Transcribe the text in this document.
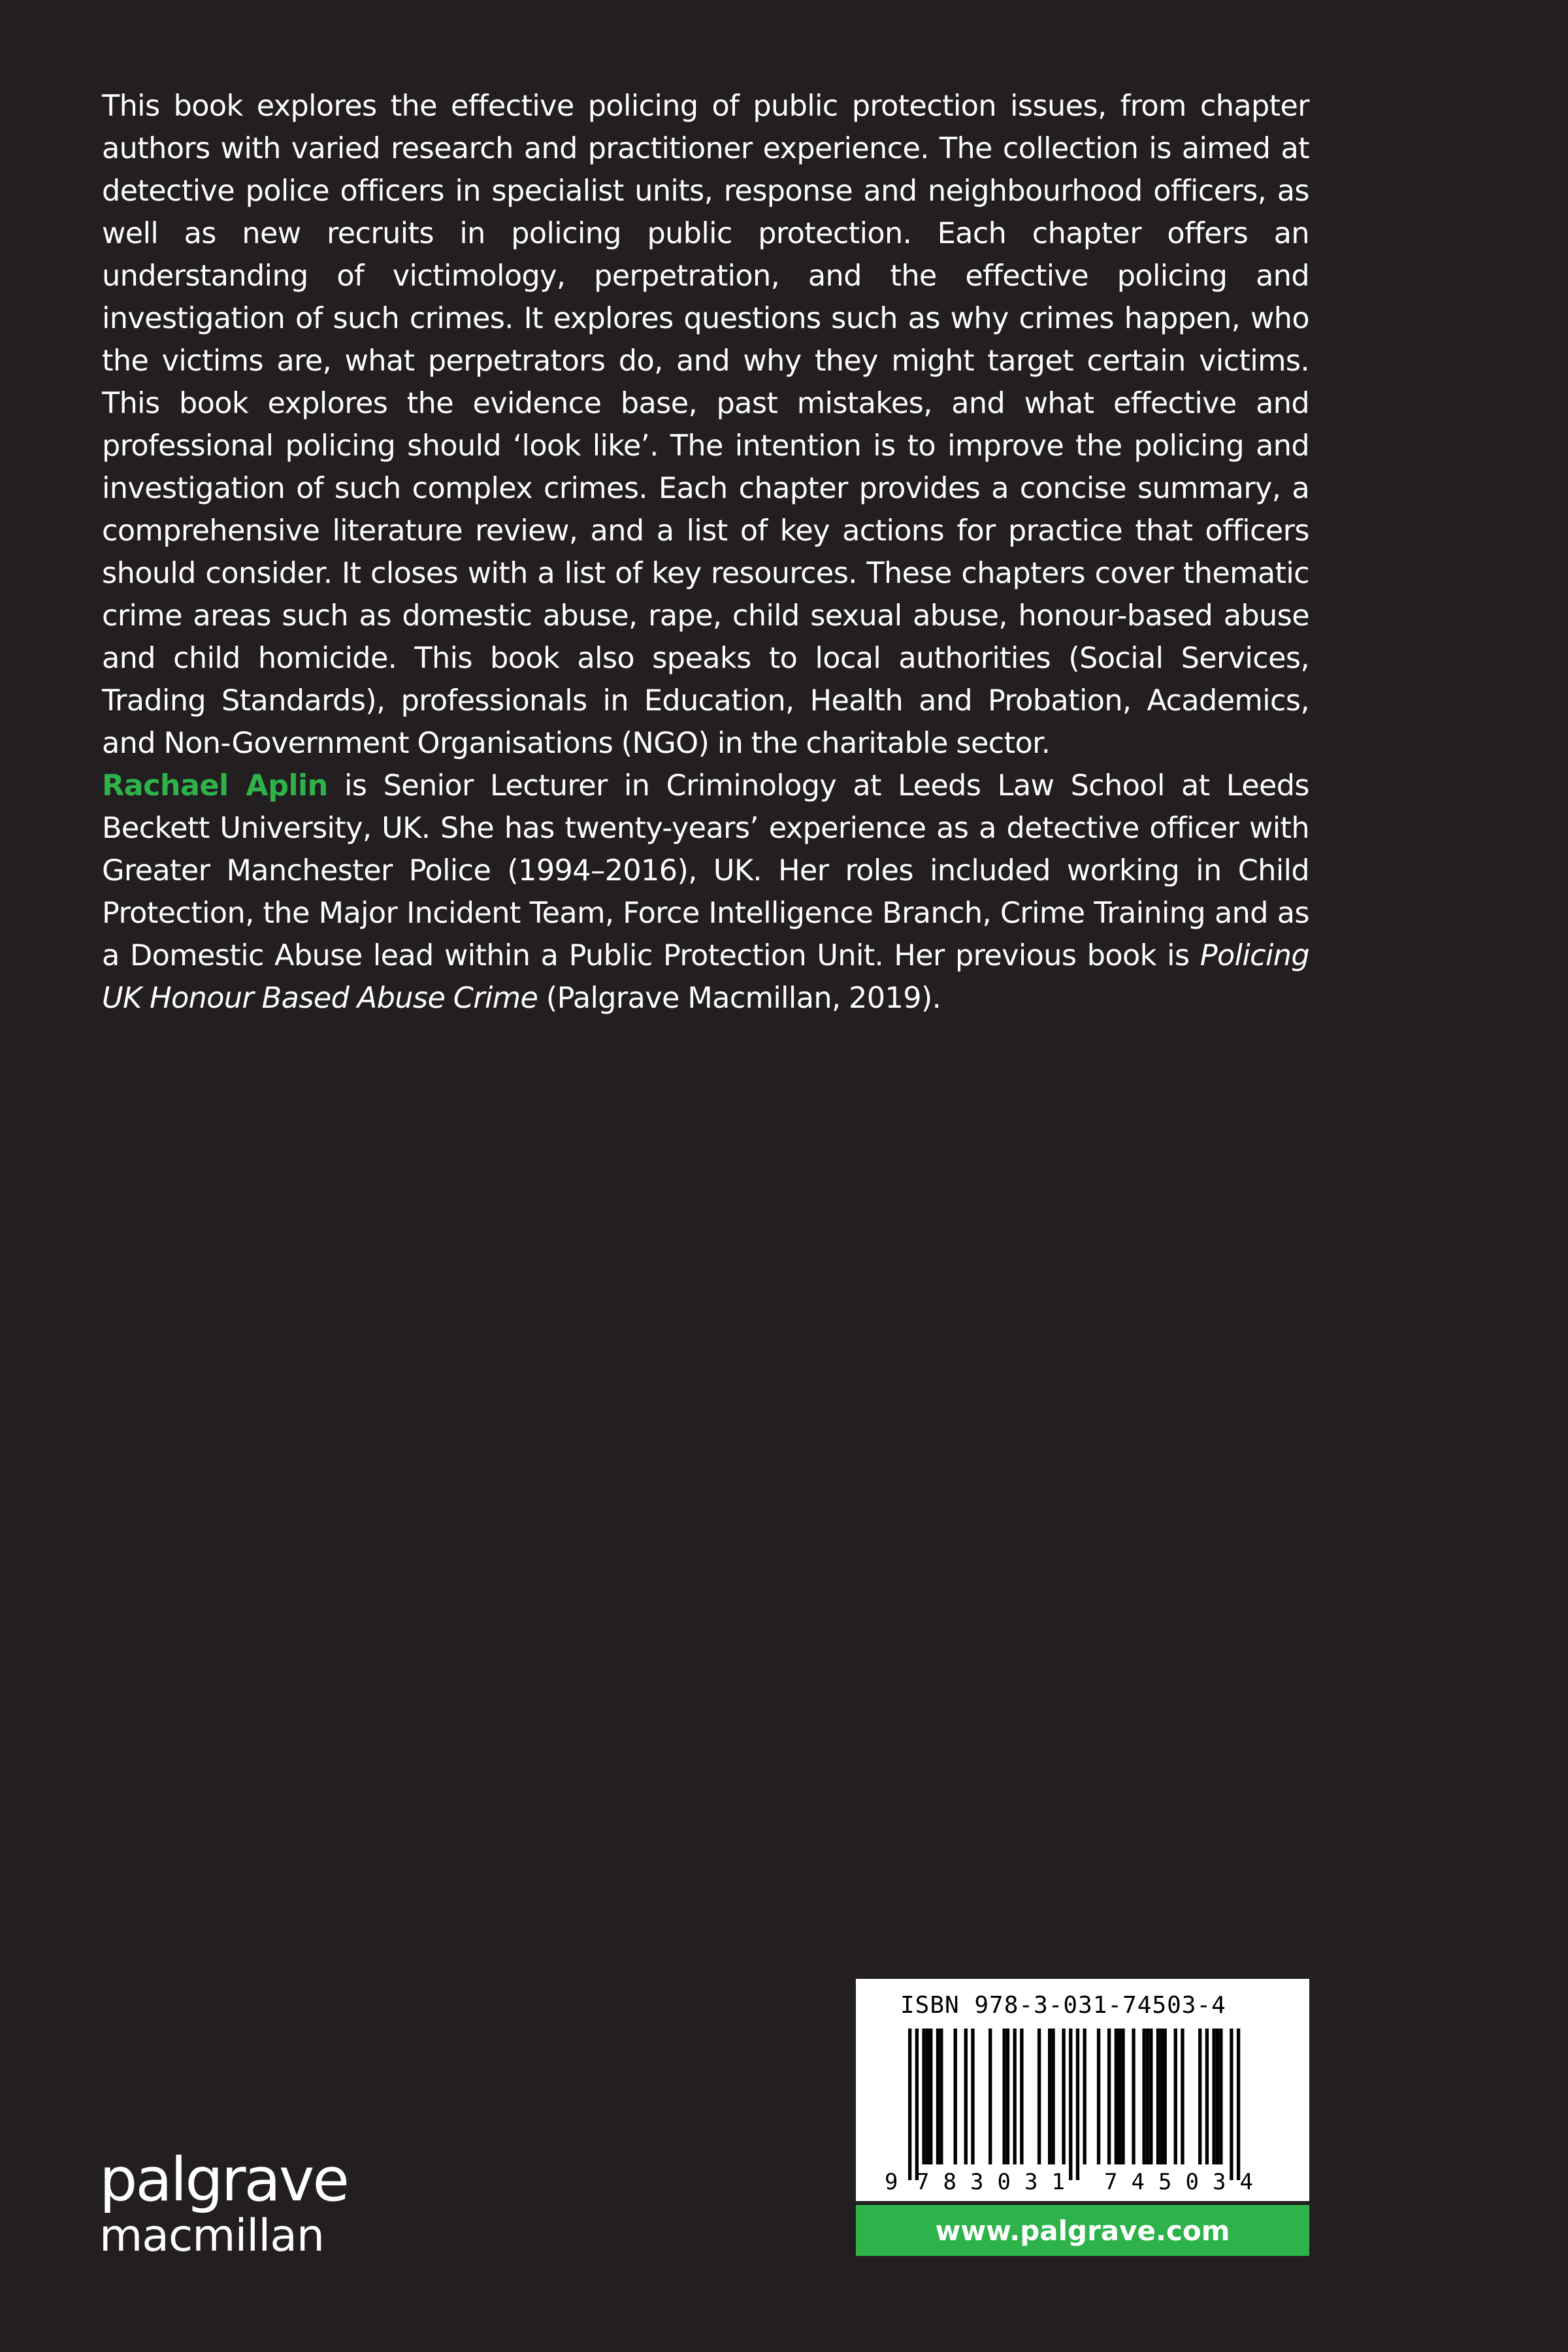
This book explores the effective policing of public protection issues, from chapter authors with varied research and practitioner experience. The collection is aimed at detective police officers in specialist units, response and neighbourhood officers, as well as new recruits in policing public protection. Each chapter offers an understanding of victimology, perpetration, and the effective policing and investigation of such crimes. It explores questions such as why crimes happen, who the victims are, what perpetrators do, and why they might target certain victims. This book explores the evidence base, past mistakes, and what effective and professional policing should ‘look like’. The intention is to improve the policing and investigation of such complex crimes. Each chapter provides a concise summary, a comprehensive literature review, and a list of key actions for practice that officers should consider. It closes with a list of key resources. These chapters cover thematic crime areas such as domestic abuse, rape, child sexual abuse, honour-based abuse and child homicide. This book also speaks to local authorities (Social Services, Trading Standards), professionals in Education, Health and Probation, Academics, and Non-Government Organisations (NGO) in the charitable sector.

Rachael Aplin is Senior Lecturer in Criminology at Leeds Law School at Leeds Beckett University, UK. She has twenty-years’ experience as a detective officer with Greater Manchester Police (1994–2016), UK. Her roles included working in Child Protection, the Major Incident Team, Force Intelligence Branch, Crime Training and as a Domestic Abuse lead within a Public Protection Unit. Her previous book is Policing UK Honour Based Abuse Crime (Palgrave Macmillan, 2019).

palgrave
macmillan
ISBN 978-3-031-74503-4
9 783031 745034
www.palgrave.com
